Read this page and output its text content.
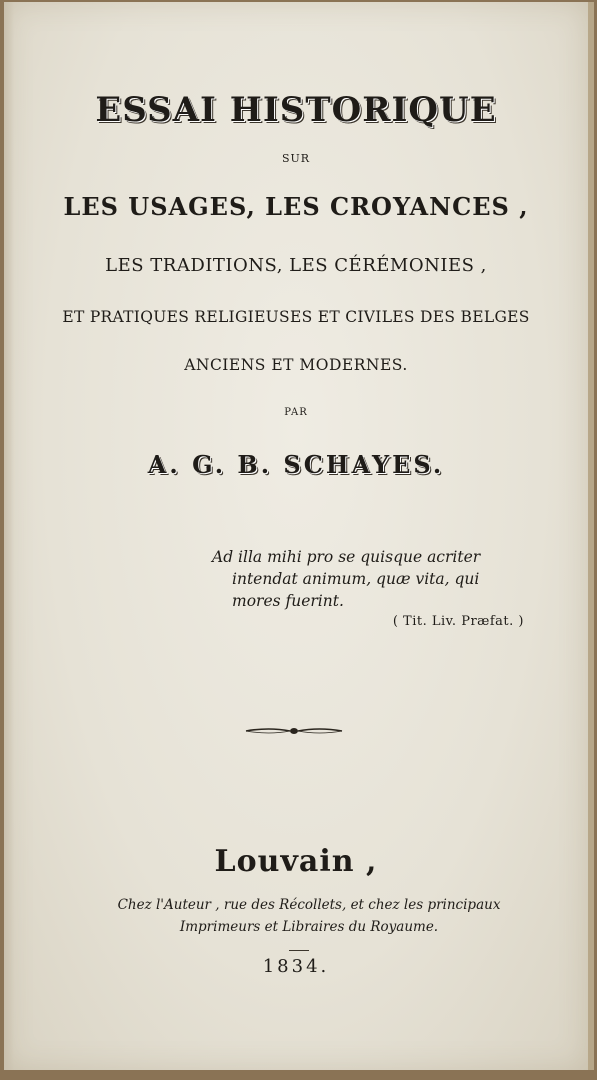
ESSAI HISTORIQUE
SUR
LES USAGES, LES CROYANCES ,
LES TRADITIONS, LES CÉRÉMONIES ,
ET PRATIQUES RELIGIEUSES ET CIVILES DES BELGES
ANCIENS ET MODERNES.
PAR
A. G. B. SCHAYES.
Ad illa mihi pro se quisque acriter
intendat animum, quæ vita, qui
mores fuerint.
( Tit. Liv. Præfat. )
Louvain ,
Chez l'Auteur , rue des Récollets, et chez les principaux
Imprimeurs et Libraires du Royaume.
1834.
